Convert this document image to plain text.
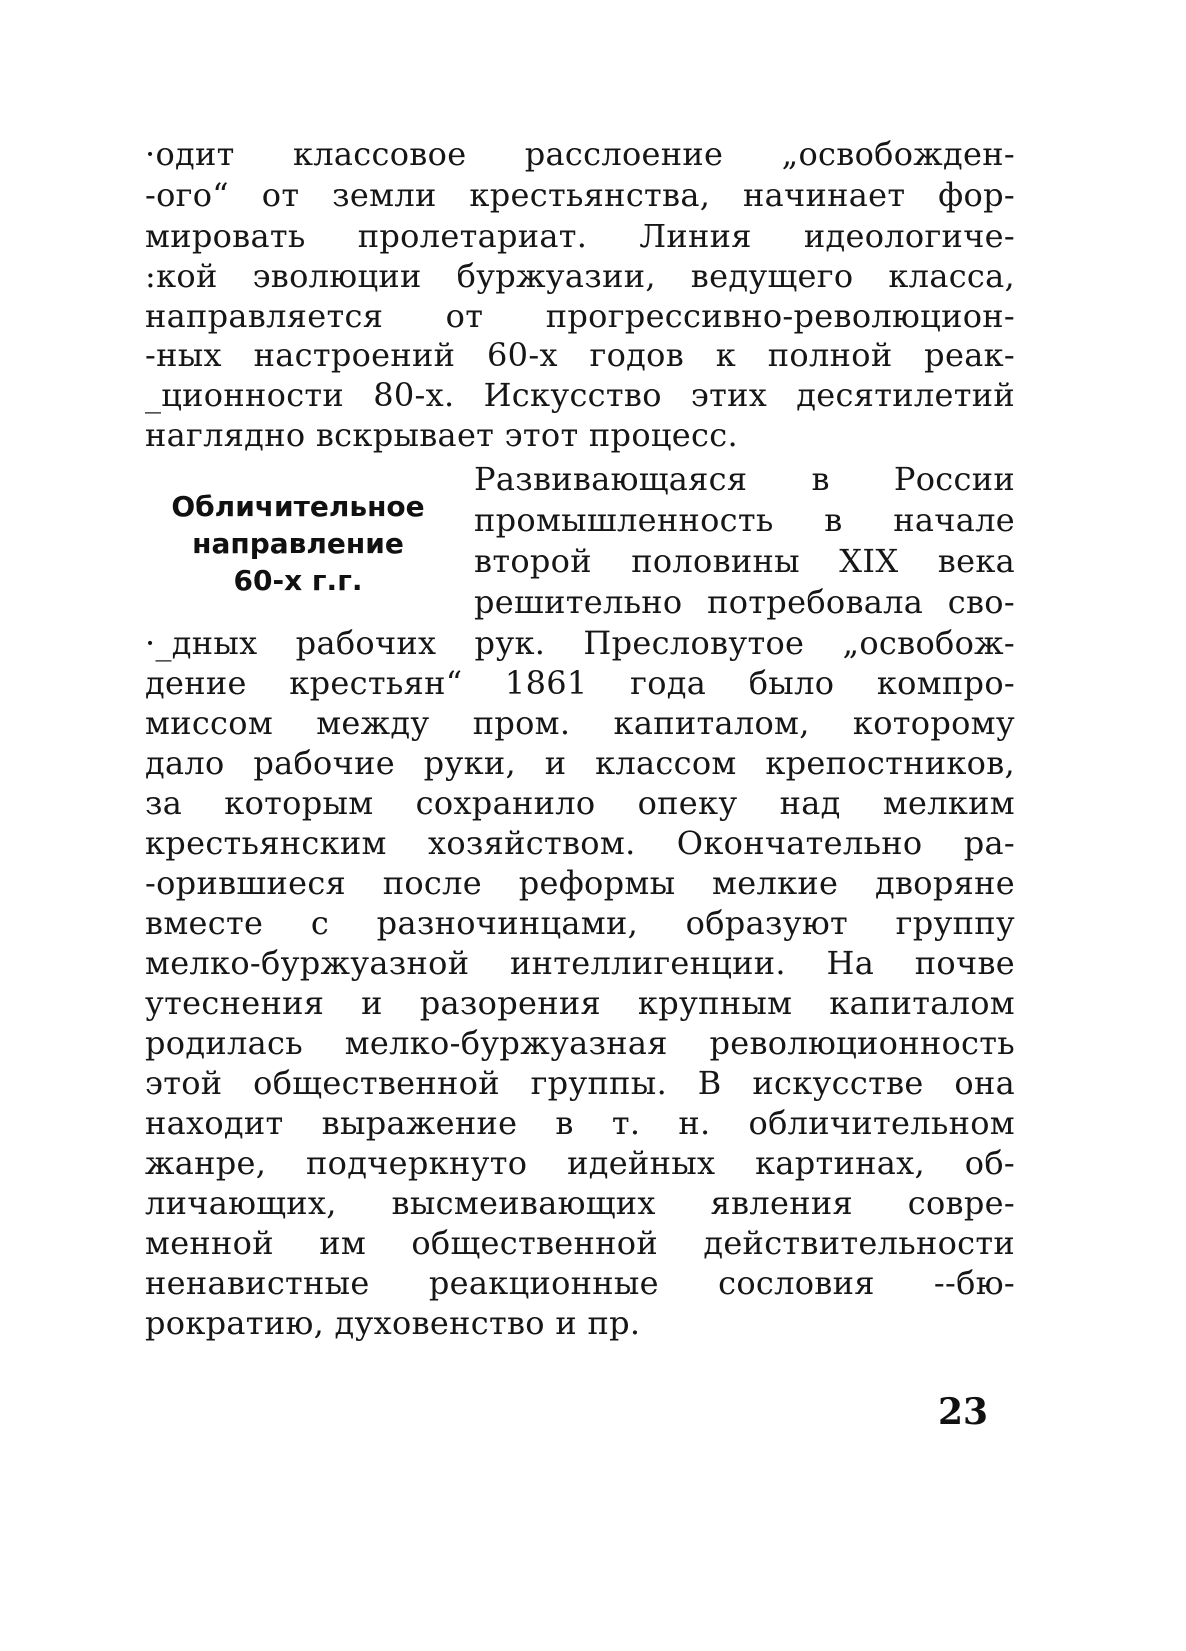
·одит классовое расслоение „освобожден-
-ого“ от земли крестьянства, начинает фор-
мировать пролетариат. Линия идеологиче-
:кой эволюции буржуазии, ведущего класса,
направляется от прогрессивно-революцион-
-ных настроений 60-х годов к полной реак-
_ционности 80-х. Искусство этих десятилетий
наглядно вскрывает этот процесс.
Обличительное
направление
60-х г.г.
Развивающаяся в России
промышленность в начале
второй половины XIX века
решительно потребовала сво-
·_дных рабочих рук. Пресловутое „освобож-
дение крестьян“ 1861 года было компро-
миссом между пром. капиталом, которому
дало рабочие руки, и классом крепостников,
за которым сохранило опеку над мелким
крестьянским хозяйством. Окончательно ра-
-орившиеся после реформы мелкие дворяне
вместе с разночинцами, образуют группу
мелко-буржуазной интеллигенции. На почве
утеснения и разорения крупным капиталом
родилась мелко-буржуазная революционность
этой общественной группы. В искусстве она
находит выражение в т. н. обличительном
жанре, подчеркнуто идейных картинах, об-
личающих, высмеивающих явления совре-
менной им общественной действительности
ненавистные реакционные сословия --бю-
рократию, духовенство и пр.
23
